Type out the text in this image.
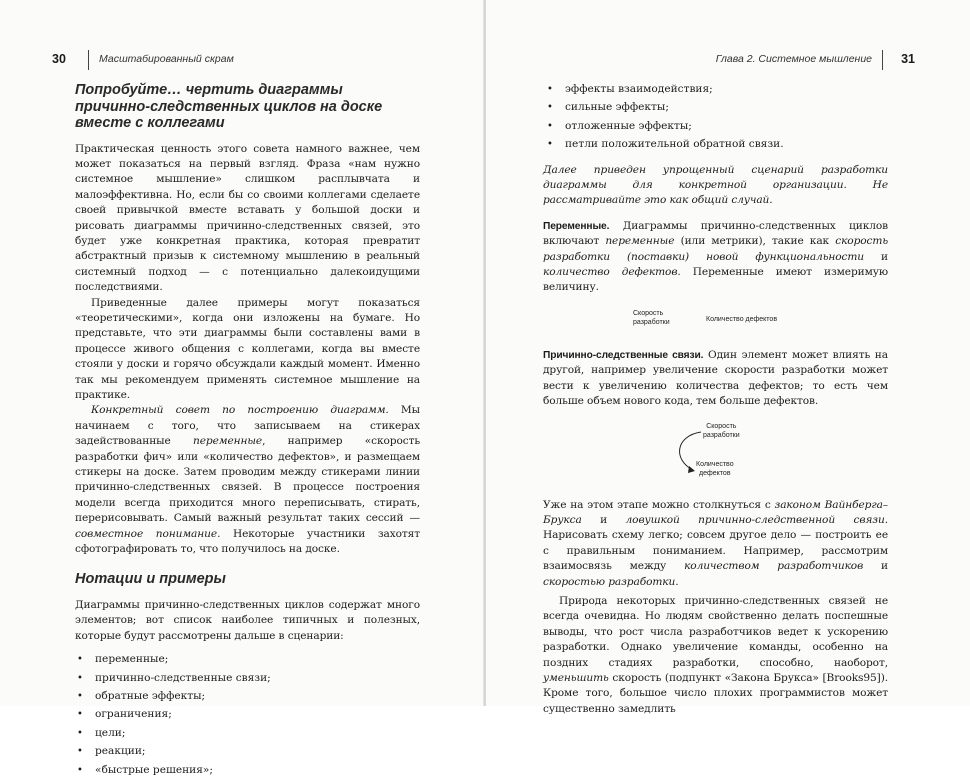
30	Масштабированный скрам
Попробуйте… чертить диаграммы причинно-следственных циклов на доске вместе с коллегами

Практическая ценность этого совета намного важнее, чем может показаться на первый взгляд. Фраза «нам нужно системное мышление» слишком расплывчата и малоэффективна. Но, если бы со своими коллегами сделаете своей привычкой вместе вставать у большой доски и рисовать диаграммы причинно-следственных связей, это будет уже конкретная практика, которая превратит абстрактный призыв к системному мышлению в реальный системный подход — с потенциально далекоидущими последствиями.

Приведенные далее примеры могут показаться «теоретическими», когда они изложены на бумаге. Но представьте, что эти диаграммы были составлены вами в процессе живого общения с коллегами, когда вы вместе стояли у доски и горячо обсуждали каждый момент. Именно так мы рекомендуем применять системное мышление на практике.

Конкретный совет по построению диаграмм. Мы начинаем с того, что записываем на стикерах задействованные переменные, например «скорость разработки фич» или «количество дефектов», и размещаем стикеры на доске. Затем проводим между стикерами линии причинно-следственных связей. В процессе построения модели всегда приходится много переписывать, стирать, перерисовывать. Самый важный результат таких сессий — совместное понимание. Некоторые участники захотят сфотографировать то, что получилось на доске.

Нотации и примеры

Диаграммы причинно-следственных циклов содержат много элементов; вот список наиболее типичных и полезных, которые будут рассмотрены дальше в сценарии:

• переменные;
• причинно-следственные связи;
• обратные эффекты;
• ограничения;
• цели;
• реакции;
• «быстрые решения»;
Глава 2. Системное мышление 31
• эффекты взаимодействия;
• сильные эффекты;
• отложенные эффекты;
• петли положительной обратной связи.

Далее приведен упрощенный сценарий разработки диаграммы для конкретной организации. Не рассматривайте это как общий случай.

Переменные. Диаграммы причинно-следственных циклов включают переменные (или метрики), такие как скорость разработки (поставки) новой функциональности и количество дефектов. Переменные имеют измеримую величину.

Скорость
разработки	Количество дефектов

Причинно-следственные связи. Один элемент может влиять на другой, например увеличение скорости разработки может вести к увеличению количества дефектов; то есть чем больше объем нового кода, тем больше дефектов.

Скорость
разработки
Количество
дефектов

Уже на этом этапе можно столкнуться с законом Вайнберга–Брукса и ловушкой причинно-следственной связи. Нарисовать схему легко; совсем другое дело — построить ее с правильным пониманием. Например, рассмотрим взаимосвязь между количеством разработчиков и скоростью разработки.

Природа некоторых причинно-следственных связей не всегда очевидна. Но людям свойственно делать поспешные выводы, что рост числа разработчиков ведет к ускорению разработки. Однако увеличение команды, особенно на поздних стадиях разработки, способно, наоборот, уменьшить скорость (подпункт «Закона Брукса» [Brooks95]). Кроме того, большое число плохих программистов может существенно замедлить
